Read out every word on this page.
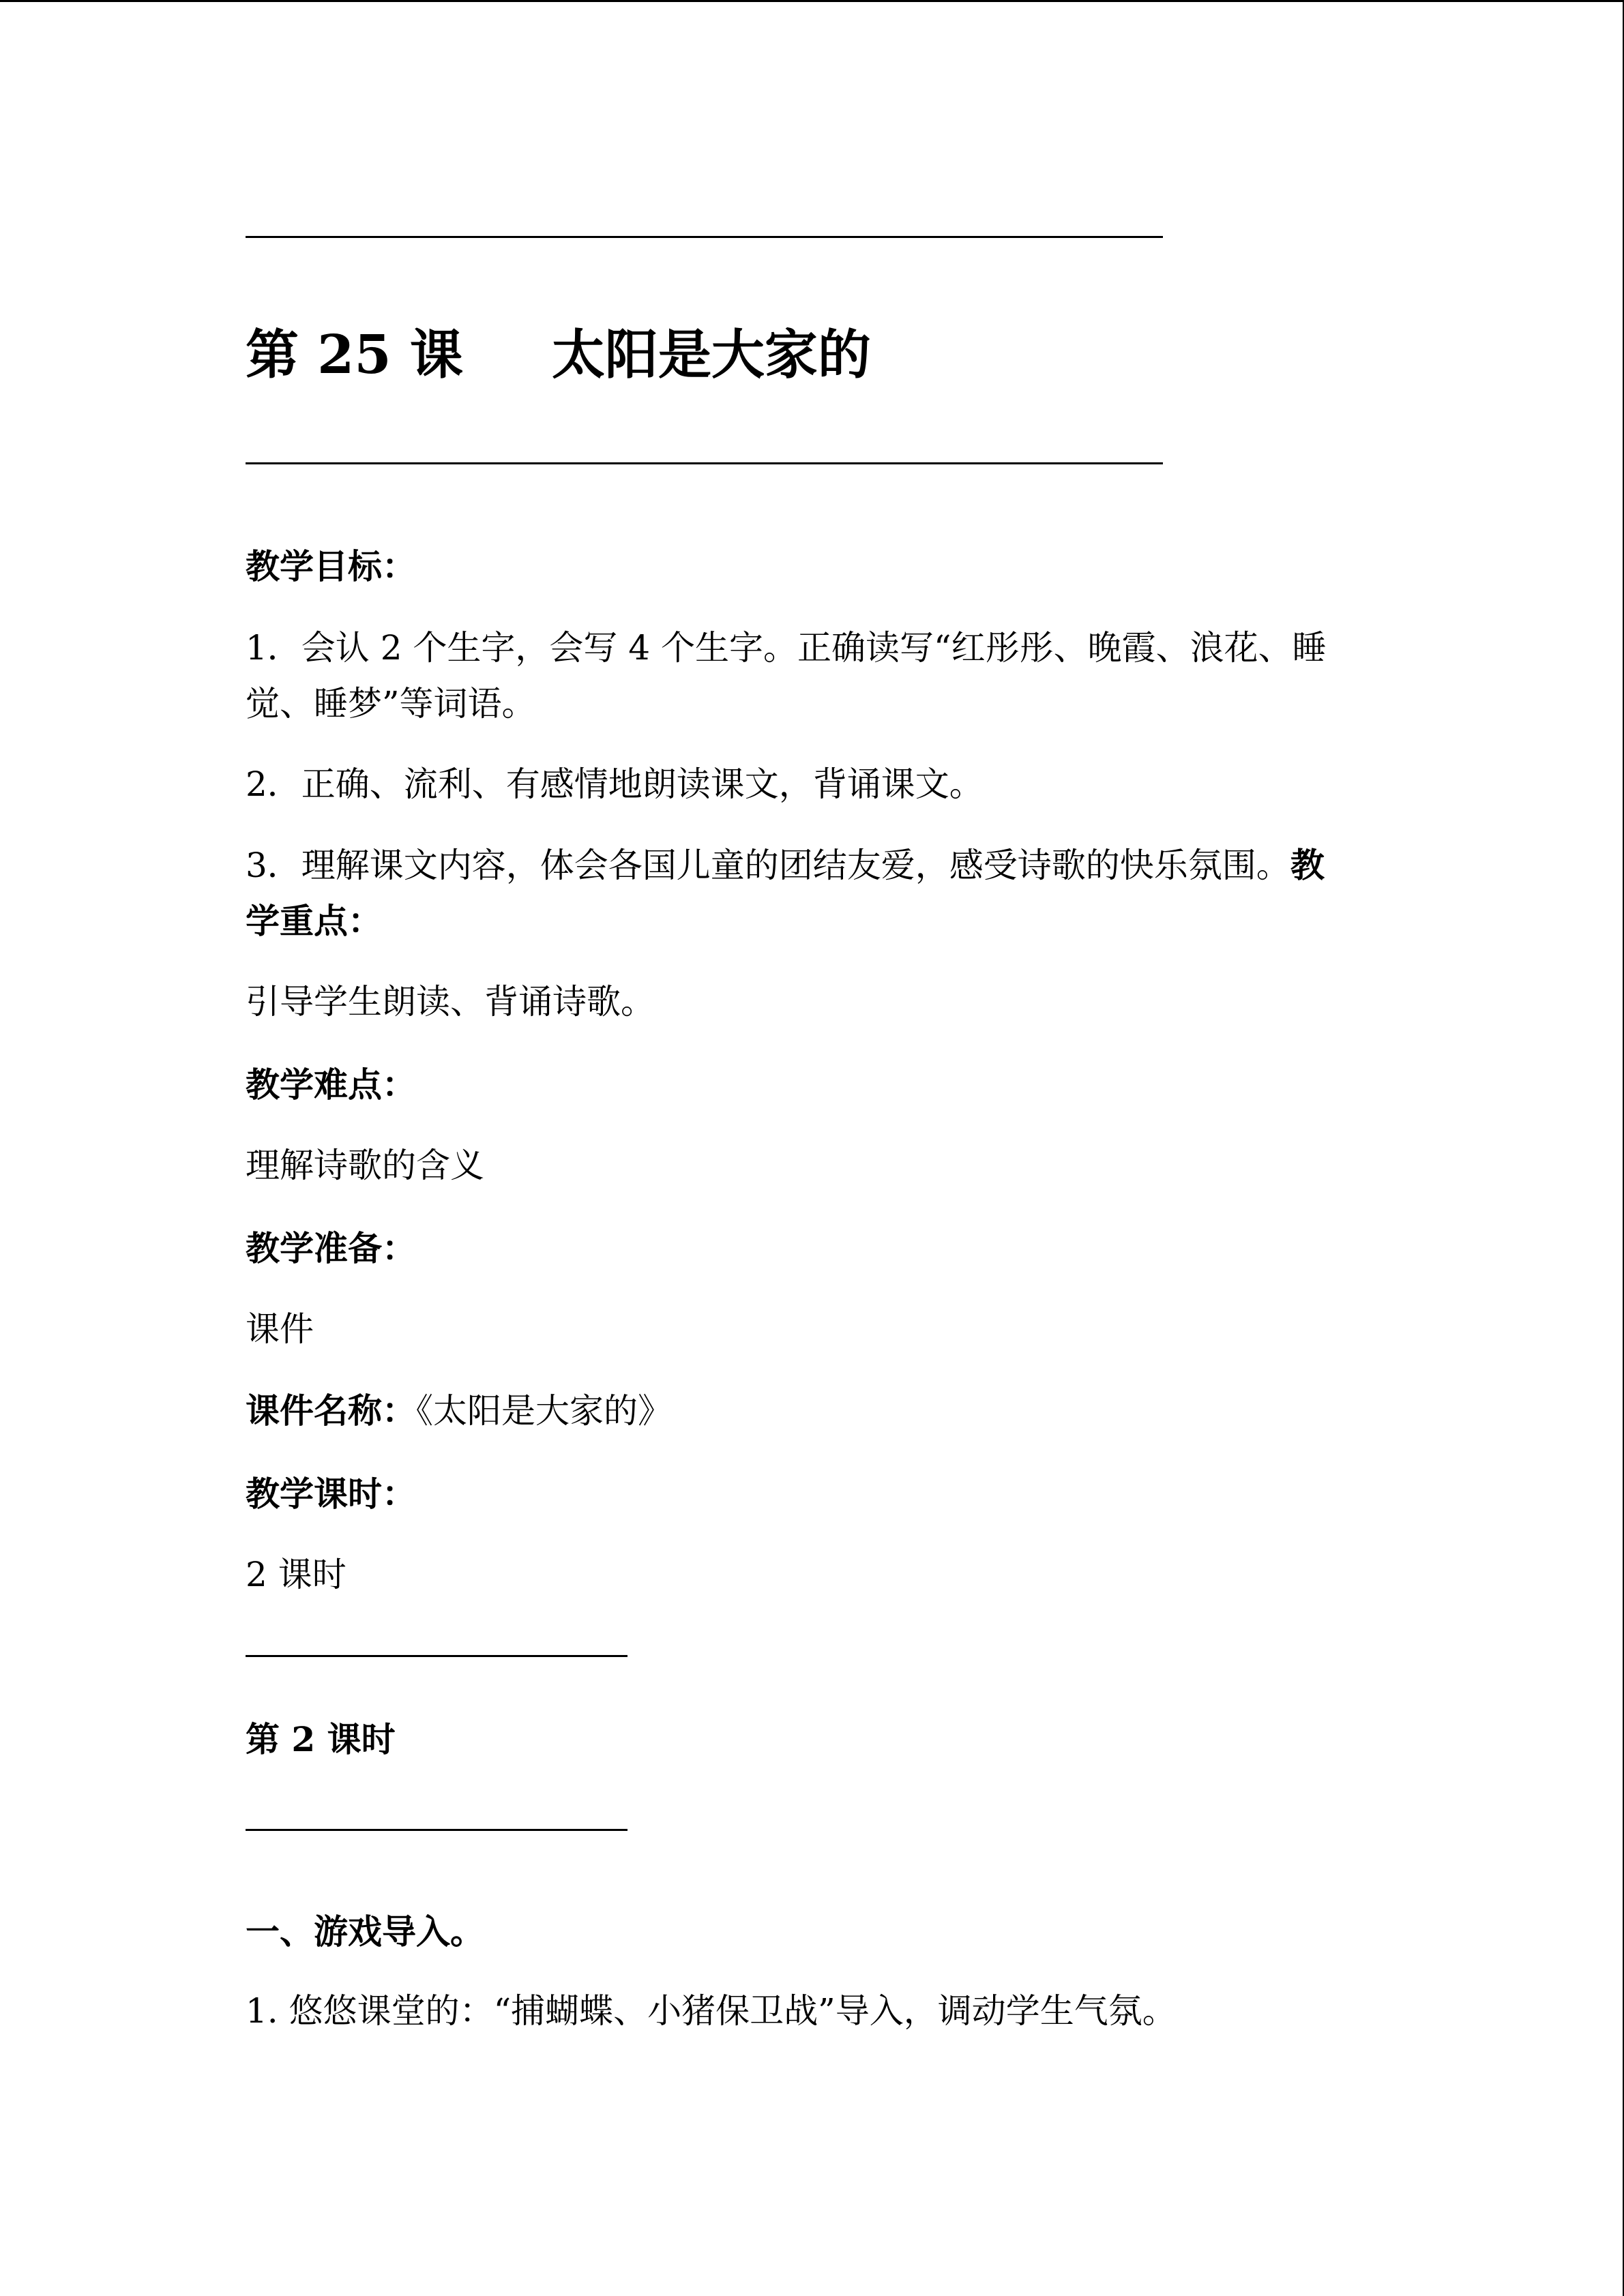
第 25 课 太阳是大家的
教学目标：
1．会认 2 个生字，会写 4 个生字。正确读写“红彤彤、晚霞、浪花、睡觉、睡梦”等词语。
2．正确、流利、有感情地朗读课文，背诵课文。
3．理解课文内容，体会各国儿童的团结友爱，感受诗歌的快乐氛围。教学重点：
引导学生朗读、背诵诗歌。
教学难点：
理解诗歌的含义
教学准备：
课件
课件名称：《太阳是大家的》
教学课时：
2 课时
第 2 课时
一、游戏导入。
1. 悠悠课堂的：“捕蝴蝶、小猪保卫战”导入，调动学生气氛。
